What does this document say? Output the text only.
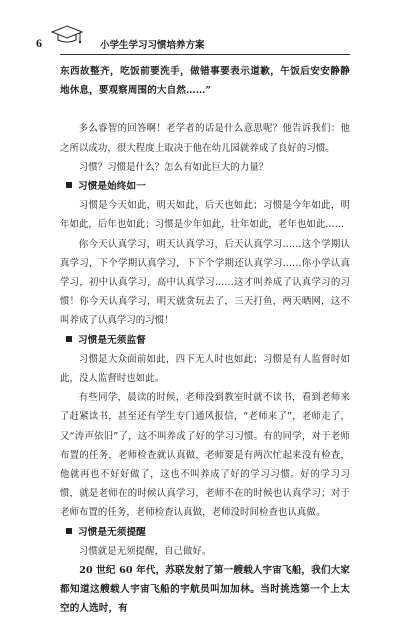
6	小学生学习习惯培养方案

东西故整齐，吃饭前要洗手，做错事要表示道歉，午饭后安安静静地休息，要观察周围的大自然……”

多么睿智的回答啊！老学者的话是什么意思呢？他告诉我们：他之所以成功，很大程度上取决于他在幼儿园就养成了良好的习惯。

习惯？习惯是什么？怎么有如此巨大的力量？

习惯是始终如一

习惯是今天如此，明天如此，后天也如此；习惯是今年如此，明年如此，后年也如此；习惯是少年如此，壮年如此，老年也如此……

你今天认真学习，明天认真学习，后天认真学习……这个学期认真学习，下个学期认真学习，下下个学期还认真学习……你小学认真学习，初中认真学习，高中认真学习……这才叫养成了认真学习的习惯！你今天认真学习，明天就贪玩去了，三天打鱼，两天晒网，这不叫养成了认真学习的习惯！

习惯是无须监督

习惯是大众面前如此，四下无人时也如此；习惯是有人监督时如此，没人监督时也如此。

有些同学，晨读的时候，老师没到教室时就不读书，看到老师来了赶紧读书，甚至还有学生专门通风报信，“老师来了”，老师走了，又“涛声依旧”了，这不叫养成了好的学习习惯。有的同学，对于老师布置的任务，老师检查就认真做，老师要是有两次忙起来没有检查，他就再也不好好做了，这也不叫养成了好的学习习惯。好的学习习惯，就是老师在的时候认真学习，老师不在的时候也认真学习；对于老师布置的任务，老师检查认真做，老师没时间检查也认真做。

习惯是无须提醒

习惯就是无须提醒，自己做好。

20 世纪 60 年代，苏联发射了第一艘载人宇宙飞船，我们大家都知道这艘载人宇宙飞船的宇航员叫加加林。当时挑选第一个上太空的人选时，有
